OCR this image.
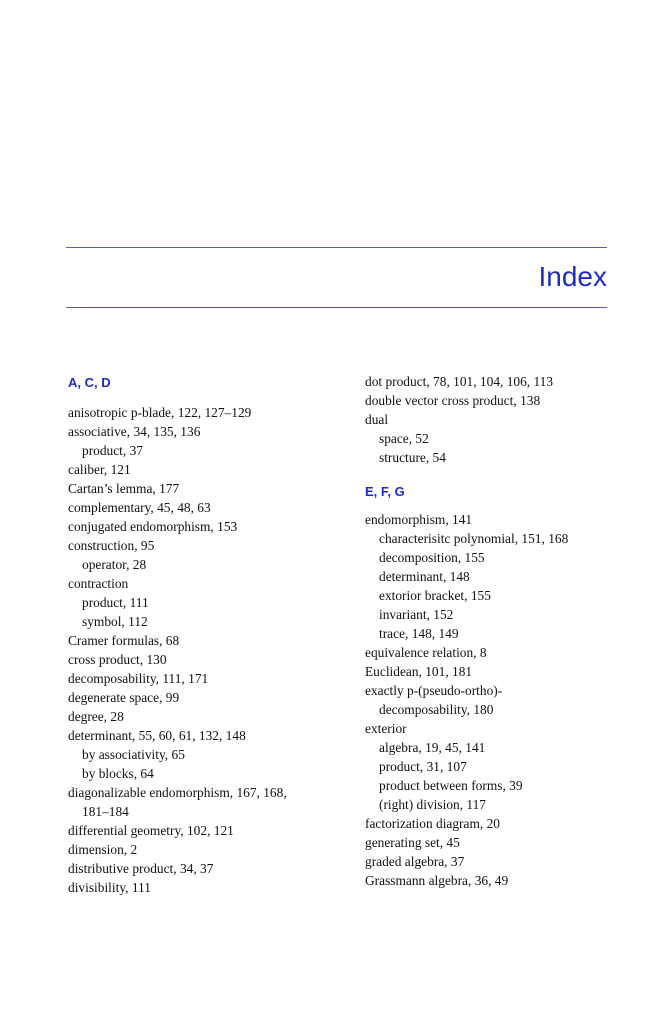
Index
A, C, D
anisotropic p-blade, 122, 127–129
associative, 34, 135, 136
product, 37
caliber, 121
Cartan’s lemma, 177
complementary, 45, 48, 63
conjugated endomorphism, 153
construction, 95
operator, 28
contraction
product, 111
symbol, 112
Cramer formulas, 68
cross product, 130
decomposability, 111, 171
degenerate space, 99
degree, 28
determinant, 55, 60, 61, 132, 148
by associativity, 65
by blocks, 64
diagonalizable endomorphism, 167, 168,
181–184
differential geometry, 102, 121
dimension, 2
distributive product, 34, 37
divisibility, 111
dot product, 78, 101, 104, 106, 113
double vector cross product, 138
dual
space, 52
structure, 54
E, F, G
endomorphism, 141
characterisitc polynomial, 151, 168
decomposition, 155
determinant, 148
extorior bracket, 155
invariant, 152
trace, 148, 149
equivalence relation, 8
Euclidean, 101, 181
exactly p-(pseudo-ortho)-
decomposability, 180
exterior
algebra, 19, 45, 141
product, 31, 107
product between forms, 39
(right) division, 117
factorization diagram, 20
generating set, 45
graded algebra, 37
Grassmann algebra, 36, 49
